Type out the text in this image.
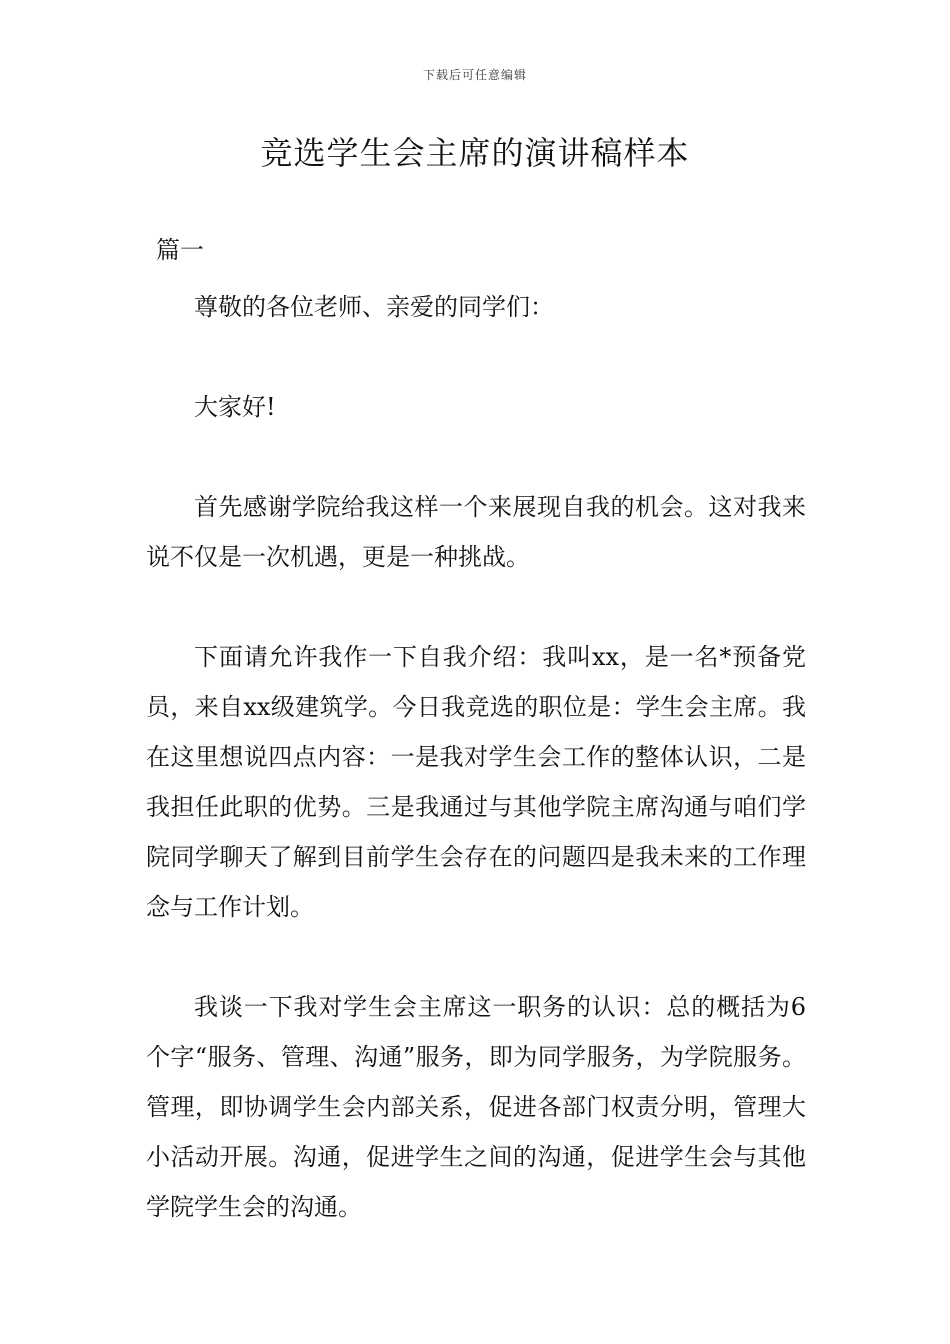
下载后可任意编辑
竞选学生会主席的演讲稿样本

篇一

尊敬的各位老师、亲爱的同学们：

大家好!

首先感谢学院给我这样一个来展现自我的机会。这对我来说不仅是一次机遇，更是一种挑战。

下面请允许我作一下自我介绍：我叫xx，是一名*预备党员，来自xx级建筑学。今日我竞选的职位是：学生会主席。我在这里想说四点内容：一是我对学生会工作的整体认识，二是我担任此职的优势。三是我通过与其他学院主席沟通与咱们学院同学聊天了解到目前学生会存在的问题四是我未来的工作理念与工作计划。

我谈一下我对学生会主席这一职务的认识：总的概括为6个字“服务、管理、沟通”服务，即为同学服务，为学院服务。管理，即协调学生会内部关系，促进各部门权责分明，管理大小活动开展。沟通，促进学生之间的沟通，促进学生会与其他学院学生会的沟通。
